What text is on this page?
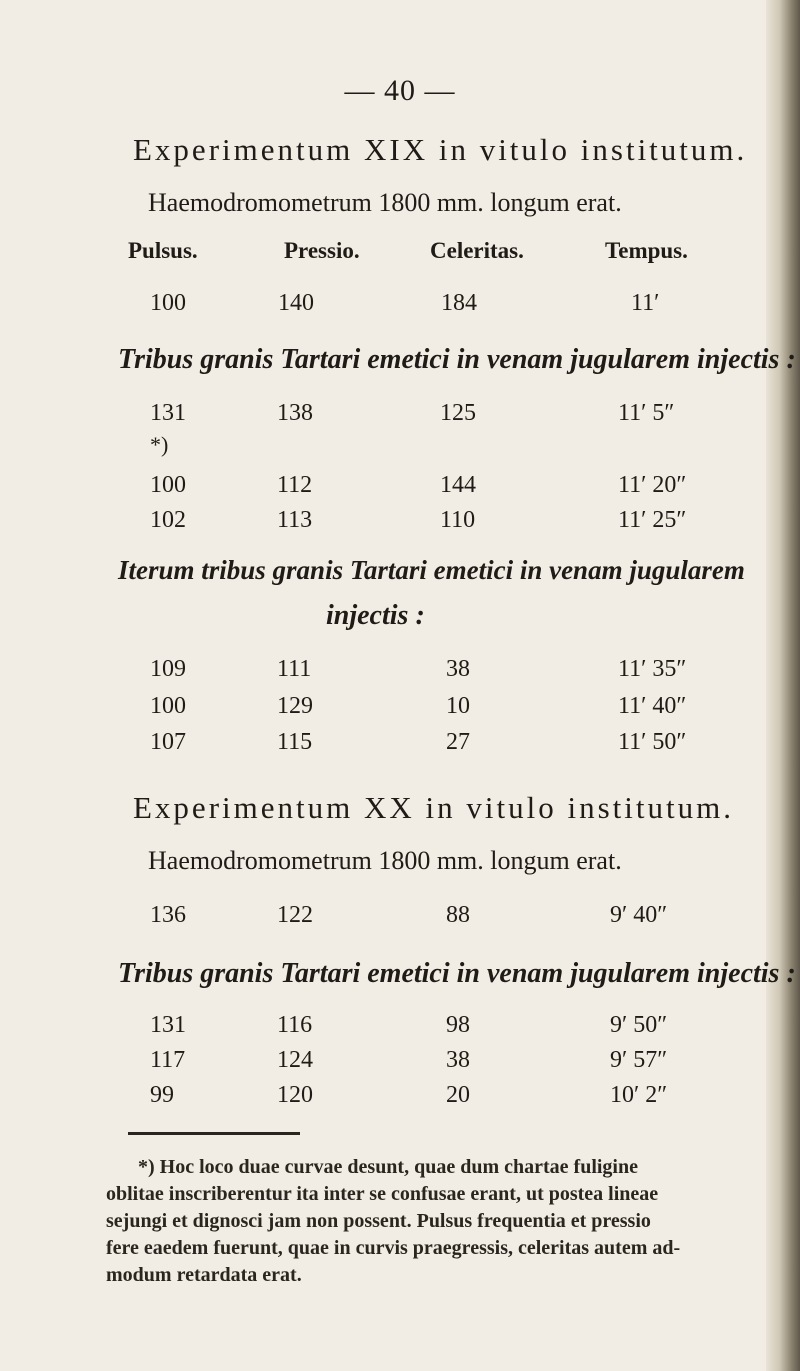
— 40 —
Experimentum XIX in vitulo institutum.
Haemodromometrum 1800 mm. longum erat.
Pulsus.	Pressio.	Celeritas.	Tempus.
100	140	184	11′
Tribus granis Tartari emetici in venam jugularem injectis :
131	138	125	11′ 5″
*)
100	112	144	11′ 20″
102	113	110	11′ 25″
Iterum tribus granis Tartari emetici in venam jugularem
injectis :
109	111	38	11′ 35″
100	129	10	11′ 40″
107	115	27	11′ 50″
Experimentum XX in vitulo institutum.
Haemodromometrum 1800 mm. longum erat.
136	122	88	9′ 40″
Tribus granis Tartari emetici in venam jugularem injectis :
131	116	98	9′ 50″
117	124	38	9′ 57″
99	120	20	10′ 2″

*) Hoc loco duae curvae desunt, quae dum chartae fuligine

oblitae inscriberentur ita inter se confusae erant, ut postea lineae

sejungi et dignosci jam non possent. Pulsus frequentia et pressio

fere eaedem fuerunt, quae in curvis praegressis, celeritas autem ad-

modum retardata erat.
